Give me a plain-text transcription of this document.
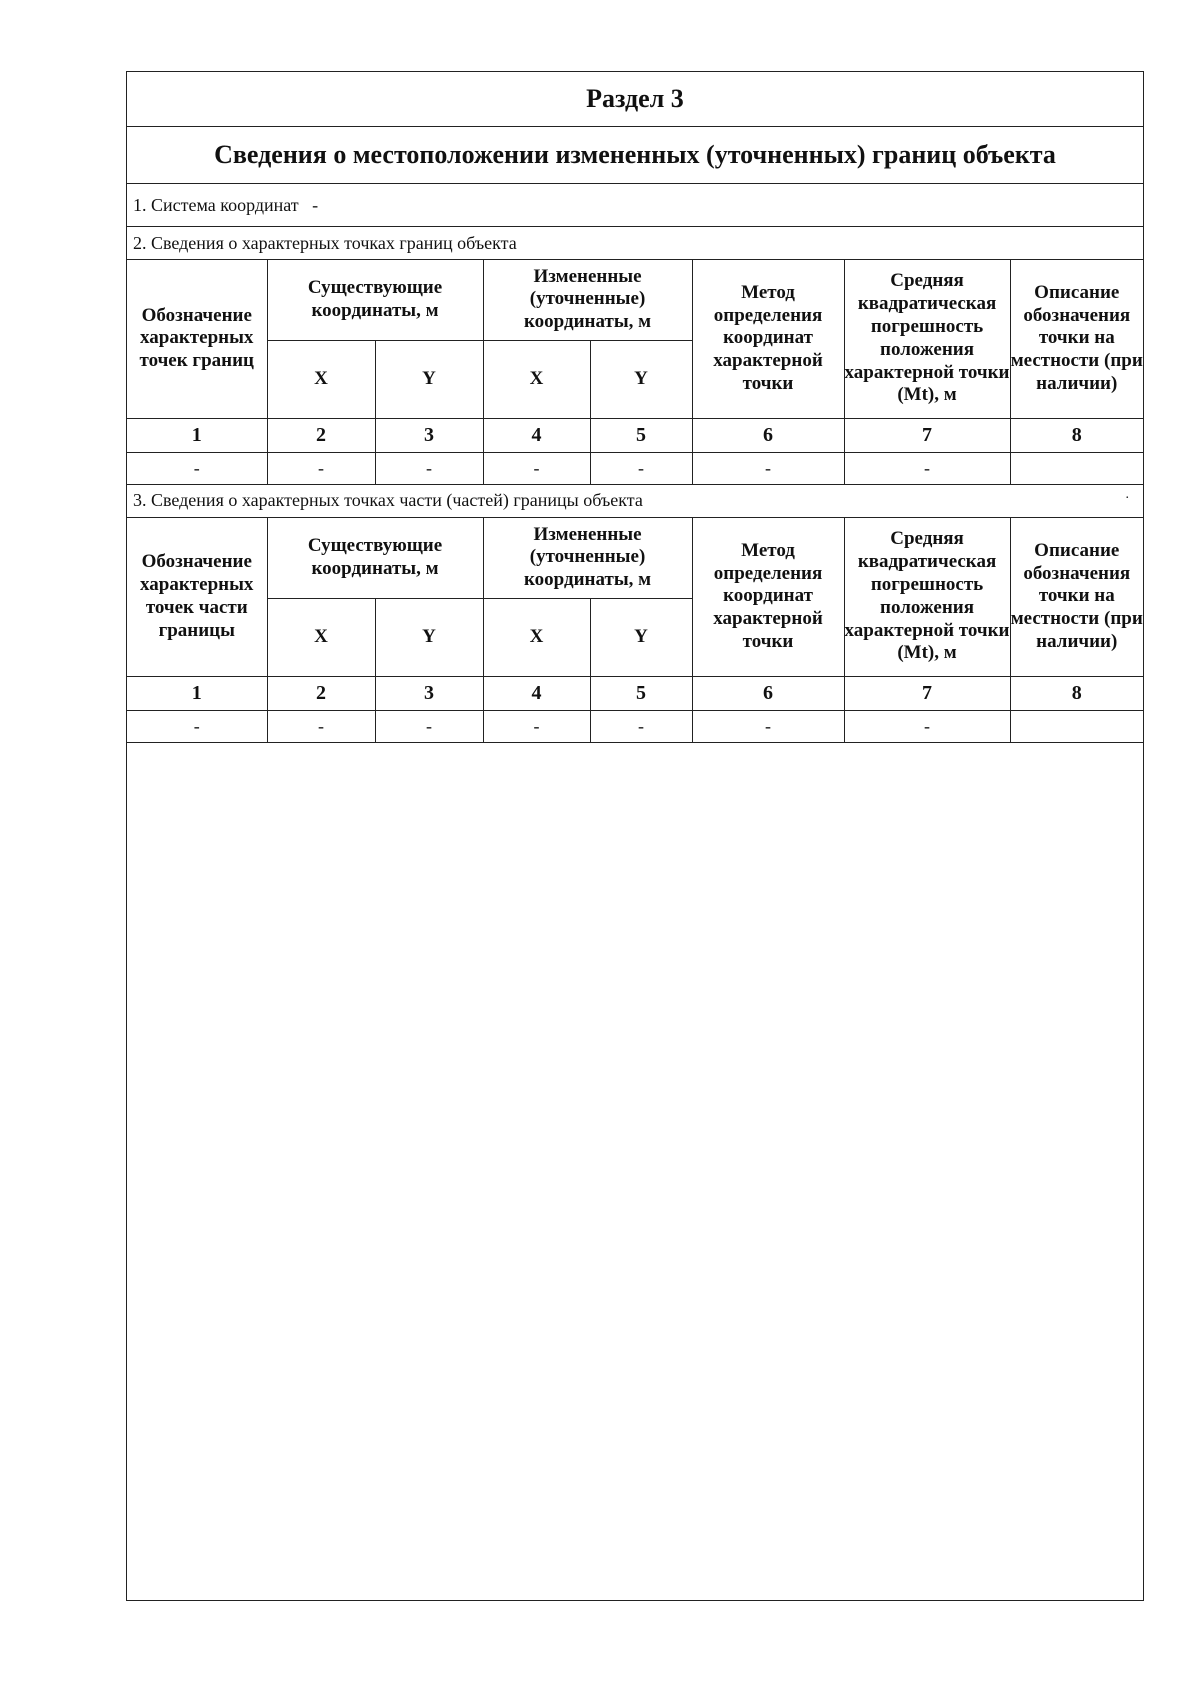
Раздел 3
Сведения о местоположении измененных (уточненных) границ объекта
1. Система координат -
2. Сведения о характерных точках границ объекта
Обозначение характерных точек границ	Существующие координаты, м		Измененные (уточненные) координаты, м		Метод определения координат характерной точки	Средняя квадратическая погрешность положения характерной точки (Mt), м	Описание обозначения точки на местности (при наличии)
	X	Y	X	Y			
1	2	3	4	5	6	7	8
-	-	-	-	-	-	-	
3. Сведения о характерных точках части (частей) границы объекта	.
Обозначение характерных точек части границы	Существующие координаты, м		Измененные (уточненные) координаты, м		Метод определения координат характерной точки	Средняя квадратическая погрешность положения характерной точки (Mt), м	Описание обозначения точки на местности (при наличии)
	X	Y	X	Y			
1	2	3	4	5	6	7	8
-	-	-	-	-	-	-	
